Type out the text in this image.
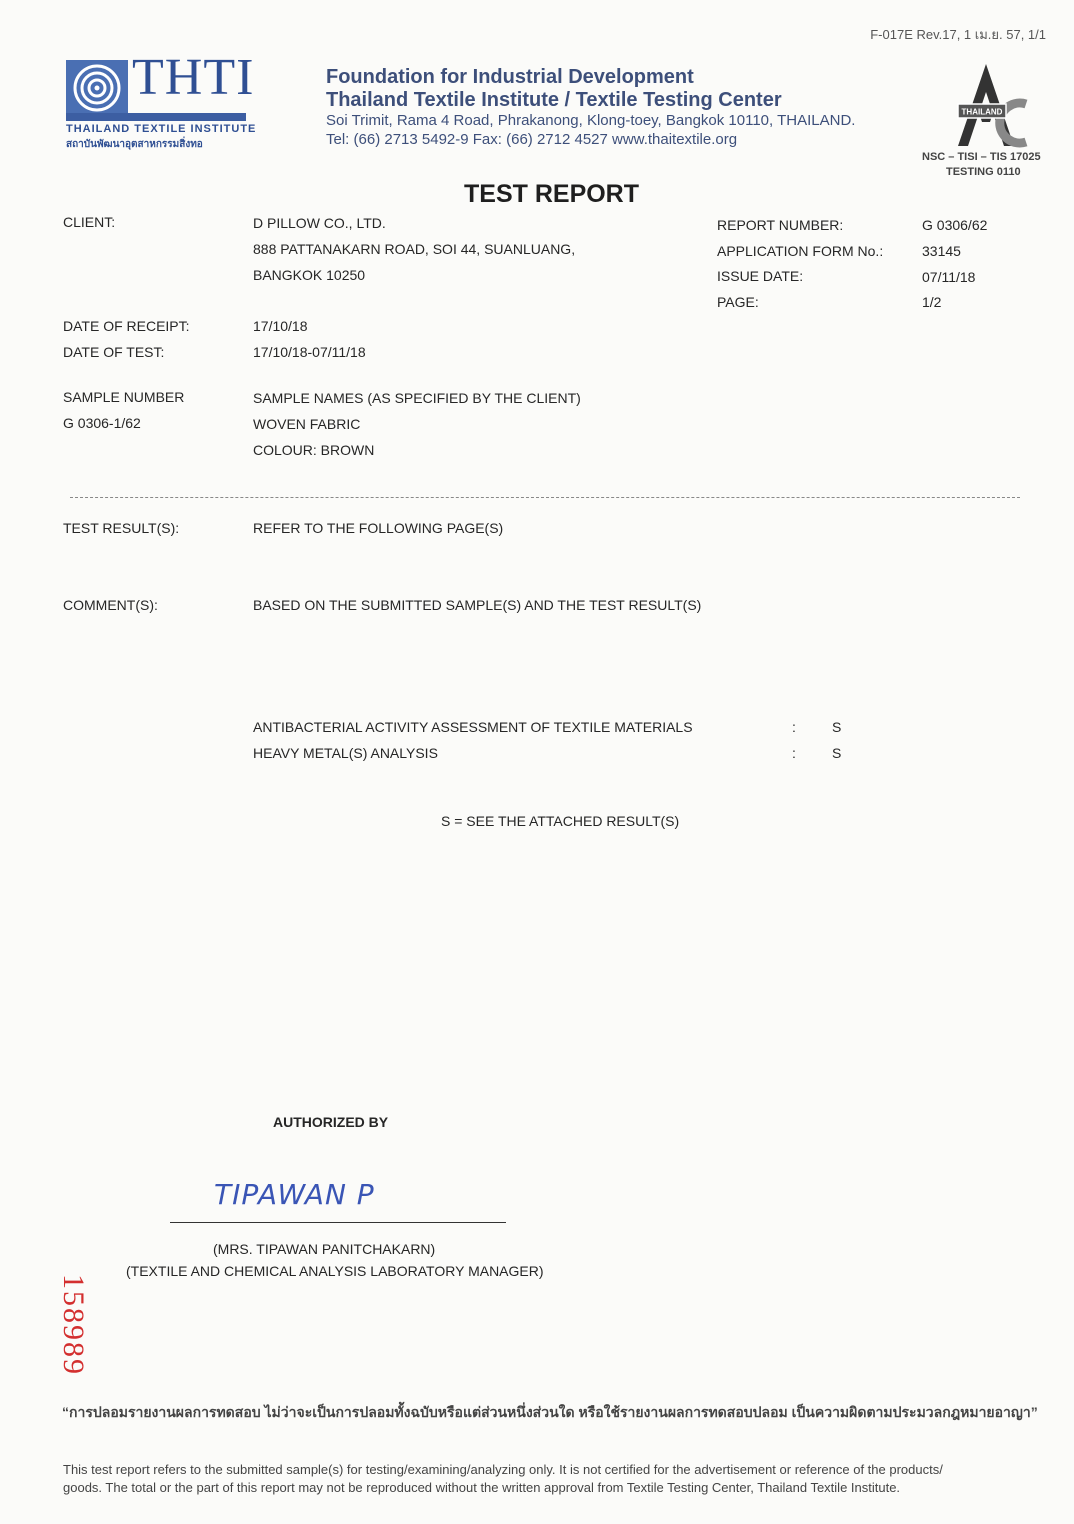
F-017E Rev.17, 1 เม.ย. 57, 1/1
THTI
THAILAND TEXTILE INSTITUTE
สถาบันพัฒนาอุตสาหกรรมสิ่งทอ
Foundation for Industrial Development
Thailand Textile Institute / Textile Testing Center
Soi Trimit, Rama 4 Road, Phrakanong, Klong-toey, Bangkok 10110, THAILAND.
Tel: (66) 2713 5492-9 Fax: (66) 2712 4527 www.thaitextile.org
THAILAND
NSC – TISI – TIS 17025
TESTING 0110
TEST REPORT
CLIENT:	D PILLOW CO., LTD.
888 PATTANAKARN ROAD, SOI 44, SUANLUANG,
BANGKOK 10250
REPORT NUMBER:	G 0306/62
APPLICATION FORM No.:	33145
ISSUE DATE:	07/11/18
PAGE:	1/2
DATE OF RECEIPT:	17/10/18
DATE OF TEST:	17/10/18-07/11/18
SAMPLE NUMBER	SAMPLE NAMES (AS SPECIFIED BY THE CLIENT)
G 0306-1/62	WOVEN FABRIC
COLOUR: BROWN
TEST RESULT(S):	REFER TO THE FOLLOWING PAGE(S)
COMMENT(S):	BASED ON THE SUBMITTED SAMPLE(S) AND THE TEST RESULT(S)
ANTIBACTERIAL ACTIVITY ASSESSMENT OF TEXTILE MATERIALS	:	S
HEAVY METAL(S) ANALYSIS	:	S
S = SEE THE ATTACHED RESULT(S)
AUTHORIZED BY
TIPAWAN P
(MRS. TIPAWAN PANITCHAKARN)
(TEXTILE AND CHEMICAL ANALYSIS LABORATORY MANAGER)
158989
“การปลอมรายงานผลการทดสอบ ไม่ว่าจะเป็นการปลอมทั้งฉบับหรือแต่ส่วนหนึ่งส่วนใด หรือใช้รายงานผลการทดสอบปลอม เป็นความผิดตามประมวลกฎหมายอาญา”
This test report refers to the submitted sample(s) for testing/examining/analyzing only. It is not certified for the advertisement or reference of the products/
goods. The total or the part of this report may not be reproduced without the written approval from Textile Testing Center, Thailand Textile Institute.
